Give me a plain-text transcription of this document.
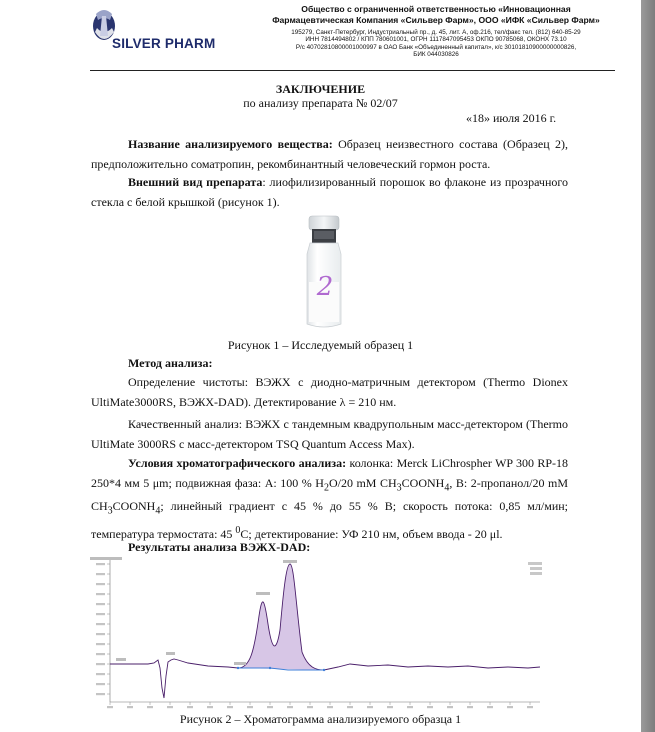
SILVER PHARM
Общество с ограниченной ответственностью «Инновационная
Фармацевтическая Компания «Сильвер Фарм», ООО «ИФК «Сильвер Фарм»
195279, Санкт-Петербург, Индустриальный пр., д. 45, лит. А, оф.216, тел/факс тел. (812) 640-85-29
ИНН 7814494802 / КПП 780601001, ОГРН 1117847095453 ОКПО 90785068, ОКОНХ 73.10
Р/с 40702810800001000997 в ОАО Банк «Объединенный капитал», к/с 30101810900000000826,
БИК 044030826
ЗАКЛЮЧЕНИЕ
по анализу препарата № 02/07
«18» июля 2016 г.

Название анализируемого вещества: Образец неизвестного состава (Образец 2), предположительно соматропин, рекомбинантный человеческий гормон роста.

Внешний вид препарата: лиофилизированный порошок во флаконе из прозрачного стекла с белой крышкой (рисунок 1).

2
Рисунок 1 – Исследуемый образец 1

Метод анализа:

Определение чистоты: ВЭЖХ с диодно-матричным детектором (Thermo Dionex UltiMate3000RS, ВЭЖХ-DAD). Детектирование λ = 210 нм.

Качественный анализ: ВЭЖХ с тандемным квадрупольным масс-детектором (Thermo UltiMate 3000RS с масс-детектором TSQ Quantum Access Max).

Условия хроматографического анализа: колонка: Merck LiChrospher WP 300 RP-18 250*4 мм 5 μm; подвижная фаза: А: 100 % $H_2O/20$ mM $CH_3COONH_4$, В: 2-пропанол/20 mM $CH_3COONH_4$; линейный градиент с 45 % до 55 % В; скорость потока: 0,85 мл/мин; температура термостата: 45 $^0$С; детектирование: УФ 210 нм, объем ввода - 20 μl.

Результаты анализа ВЭЖХ-DAD:

Рисунок 2 – Хроматограмма анализируемого образца 1
